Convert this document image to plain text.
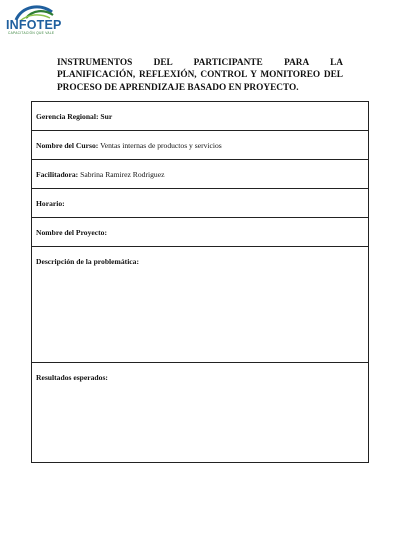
INFOTEP
CAPACITACIÓN QUE VALE
INSTRUMENTOS DEL PARTICIPANTE PARA LA PLANIFICACIÓN, REFLEXIÓN, CONTROL Y MONITOREO DEL PROCESO DE APRENDIZAJE BASADO EN PROYECTO.
Gerencia Regional: Sur
Nombre del Curso: Ventas internas de productos y servicios
Facilitadora: Sabrina Ramirez Rodriguez
Horario:
Nombre del Proyecto:
Descripción de la problemática:
Resultados esperados:
